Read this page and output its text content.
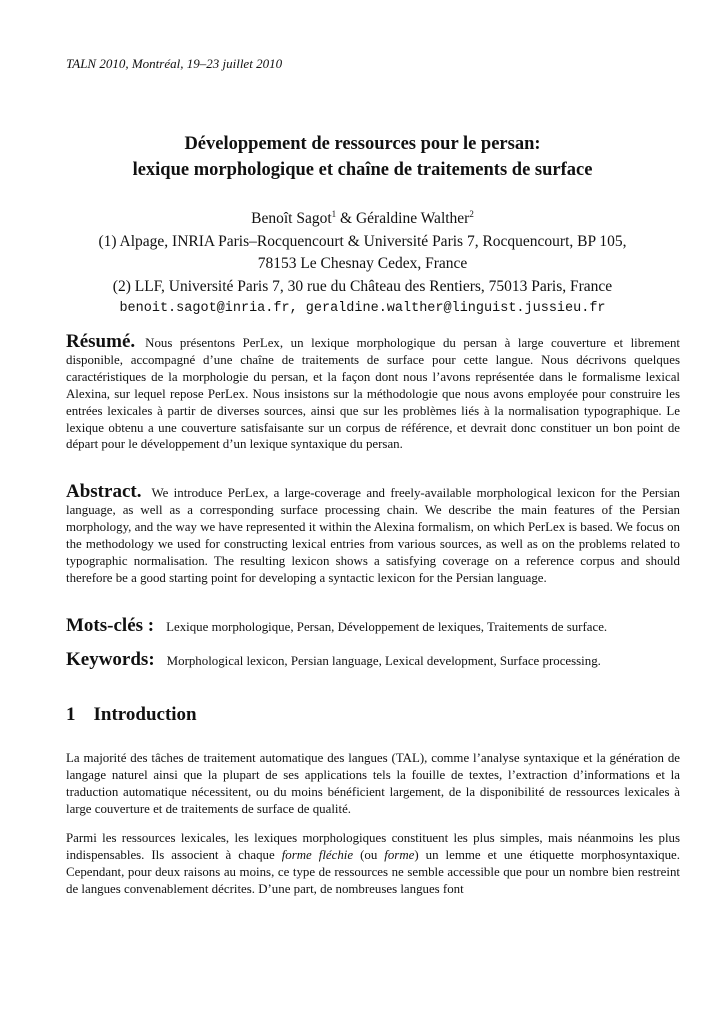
TALN 2010, Montréal, 19–23 juillet 2010
Développement de ressources pour le persan:
lexique morphologique et chaîne de traitements de surface
Benoît Sagot$^1$ & Géraldine Walther$^2$
(1) Alpage, INRIA Paris–Rocquencourt & Université Paris 7, Rocquencourt, BP 105,
78153 Le Chesnay Cedex, France
(2) LLF, Université Paris 7, 30 rue du Château des Rentiers, 75013 Paris, France
benoit.sagot@inria.fr, geraldine.walther@linguist.jussieu.fr
Résumé. Nous présentons PerLex, un lexique morphologique du persan à large couverture et librement disponible, accompagné d’une chaîne de traitements de surface pour cette langue. Nous décrivons quelques caractéristiques de la morphologie du persan, et la façon dont nous l’avons représentée dans le formalisme lexical Alexina, sur lequel repose PerLex. Nous insistons sur la méthodologie que nous avons employée pour construire les entrées lexicales à partir de diverses sources, ainsi que sur les problèmes liés à la normalisation typographique. Le lexique obtenu a une couverture satisfaisante sur un corpus de référence, et devrait donc constituer un bon point de départ pour le développement d’un lexique syntaxique du persan.
Abstract. We introduce PerLex, a large-coverage and freely-available morphological lexicon for the Persian language, as well as a corresponding surface processing chain. We describe the main features of the Persian morphology, and the way we have represented it within the Alexina formalism, on which PerLex is based. We focus on the methodology we used for constructing lexical entries from various sources, as well as on the problems related to typographic normalisation. The resulting lexicon shows a satisfying coverage on a reference corpus and should therefore be a good starting point for developing a syntactic lexicon for the Persian language.
Mots-clés : Lexique morphologique, Persan, Développement de lexiques, Traitements de surface.
Keywords: Morphological lexicon, Persian language, Lexical development, Surface processing.
1 Introduction

La majorité des tâches de traitement automatique des langues (TAL), comme l’analyse syntaxique et la génération de langage naturel ainsi que la plupart de ses applications tels la fouille de textes, l’extraction d’informations et la traduction automatique nécessitent, ou du moins bénéficient largement, de la disponibilité de ressources lexicales à large couverture et de traitements de surface de qualité.

Parmi les ressources lexicales, les lexiques morphologiques constituent les plus simples, mais néanmoins les plus indispensables. Ils associent à chaque forme fléchie (ou forme) un lemme et une étiquette morphosyntaxique. Cependant, pour deux raisons au moins, ce type de ressources ne semble accessible que pour un nombre bien restreint de langues convenablement décrites. D’une part, de nombreuses langues font
